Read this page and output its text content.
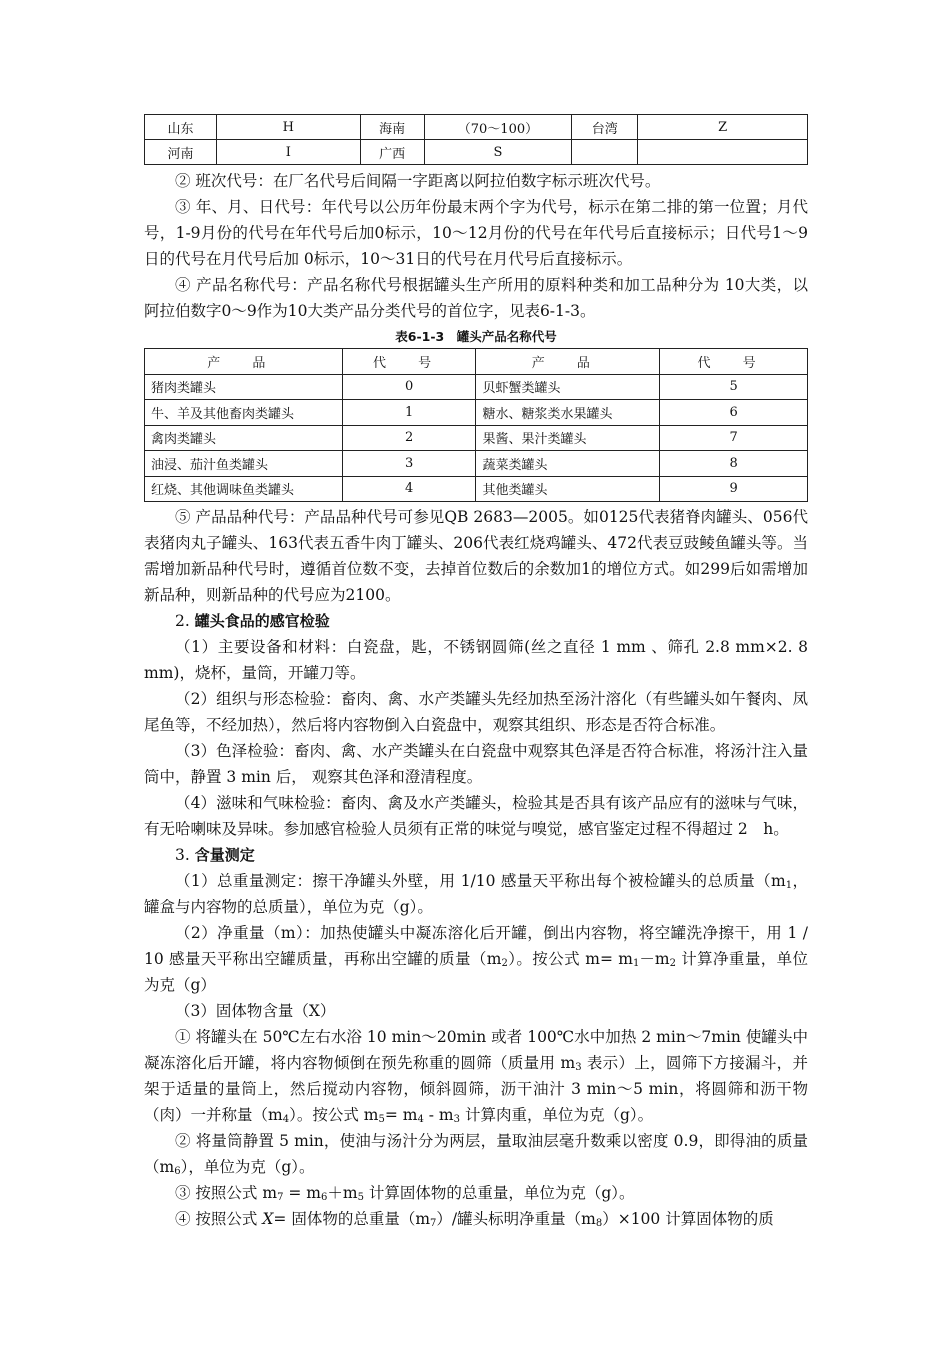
山东	H	海南	（70～100）	台湾	Z
河南	I	广西	S		

② 班次代号：在厂名代号后间隔一字距离以阿拉伯数字标示班次代号。

③ 年、月、日代号：年代号以公历年份最末两个字为代号，标示在第二排的第一位置；月代号，1-9月份的代号在年代号后加0标示，10～12月份的代号在年代号后直接标示；日代号1～9日的代号在月代号后加 0标示，10～31日的代号在月代号后直接标示。

④ 产品名称代号：产品名称代号根据罐头生产所用的原料种类和加工品种分为 10大类，以阿拉伯数字0～9作为10大类产品分类代号的首位字，见表6-1-3。

表6-1-3　罐头产品名称代号
产 品	代 号	产 品	代 号
猪肉类罐头	0	贝虾蟹类罐头	5
牛、羊及其他畜肉类罐头	1	糖水、糖浆类水果罐头	6
禽肉类罐头	2	果酱、果汁类罐头	7
油浸、茄汁鱼类罐头	3	蔬菜类罐头	8
红烧、其他调味鱼类罐头	4	其他类罐头	9

⑤ 产品品种代号：产品品种代号可参见QB 2683—2005。如0125代表猪脊肉罐头、056代表猪肉丸子罐头、163代表五香牛肉丁罐头、206代表红烧鸡罐头、472代表豆豉鲮鱼罐头等。当需增加新品种代号时，遵循首位数不变，去掉首位数后的余数加1的增位方式。如299后如需增加新品种，则新品种的代号应为2100。

2. 罐头食品的感官检验

（1）主要设备和材料：白瓷盘，匙，不锈钢圆筛(丝之直径 1 mm 、筛孔 2.8 mm×2. 8 mm)，烧杯，量筒，开罐刀等。

（2）组织与形态检验：畜肉、禽、水产类罐头先经加热至汤汁溶化（有些罐头如午餐肉、凤尾鱼等，不经加热），然后将内容物倒入白瓷盘中，观察其组织、形态是否符合标准。

（3）色泽检验：畜肉、禽、水产类罐头在白瓷盘中观察其色泽是否符合标准，将汤汁注入量筒中，静置 3 min 后， 观察其色泽和澄清程度。

（4）滋味和气味检验：畜肉、禽及水产类罐头，检验其是否具有该产品应有的滋味与气味，有无哈喇味及异味。参加感官检验人员须有正常的味觉与嗅觉，感官鉴定过程不得超过 2　h。

3. 含量测定

（1）总重量测定：擦干净罐头外壁，用 1/10 感量天平称出每个被检罐头的总质量（$m_1$，罐盒与内容物的总质量），单位为克（g）。

（2）净重量（m）：加热使罐头中凝冻溶化后开罐，倒出内容物，将空罐洗净擦干，用 1 / 10 感量天平称出空罐质量，再称出空罐的质量$(m_2)$。按公式 $m= m_1-m_2$ 计算净重量，单位为克（g）

（3）固体物含量（X）

① 将罐头在 50℃左右水浴 10 min～20min 或者 100℃水中加热 2 min～7min 使罐头中凝冻溶化后开罐，将内容物倾倒在预先称重的圆筛（质量用 $m_3$ 表示）上，圆筛下方接漏斗，并架于适量的量筒上，然后搅动内容物，倾斜圆筛，沥干油汁 3 min～5 min，将圆筛和沥干物（肉）一并称量$(m_4)$。按公式 $m_5= m_4 - m_3$ 计算肉重，单位为克（g）。

② 将量筒静置 5 min，使油与汤汁分为两层，量取油层毫升数乘以密度 0.9，即得油的质量$(m_6)$，单位为克（g）。

③ 按照公式 $m_7 = m_6+m_5$ 计算固体物的总重量，单位为克（g）。

④ 按照公式 X= 固体物的总重量$(m_7)/$罐头标明净重量$(m_8)\times 100$ 计算固体物的质
